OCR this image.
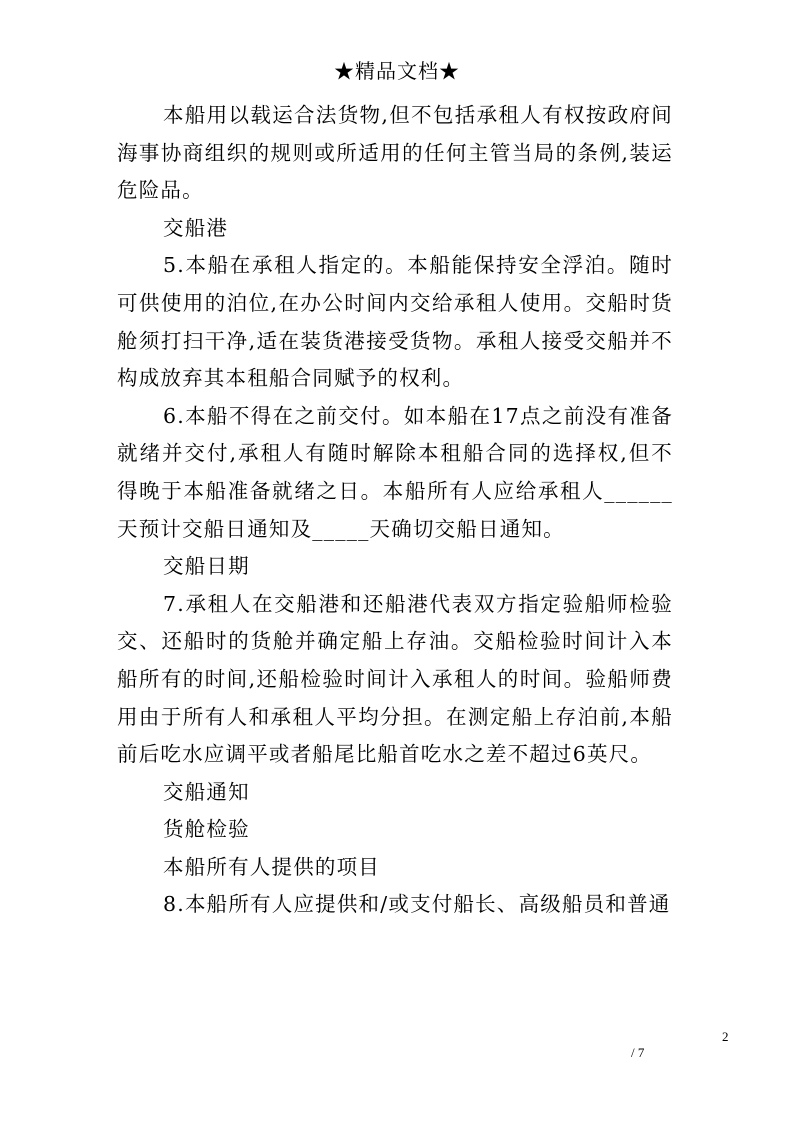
★精品文档★

本船用以载运合法货物,但不包括承租人有权按政府间海事协商组织的规则或所适用的任何主管当局的条例,装运危险品。

交船港

5.本船在承租人指定的。本船能保持安全浮泊。随时可供使用的泊位,在办公时间内交给承租人使用。交船时货舱须打扫干净,适在装货港接受货物。承租人接受交船并不构成放弃其本租船合同赋予的权利。

6.本船不得在之前交付。如本船在17点之前没有准备就绪并交付,承租人有随时解除本租船合同的选择权,但不得晚于本船准备就绪之日。本船所有人应给承租人______天预计交船日通知及_____天确切交船日通知。

交船日期

7.承租人在交船港和还船港代表双方指定验船师检验交、还船时的货舱并确定船上存油。交船检验时间计入本船所有的时间,还船检验时间计入承租人的时间。验船师费用由于所有人和承租人平均分担。在测定船上存泊前,本船前后吃水应调平或者船尾比船首吃水之差不超过6英尺。

交船通知

货舱检验

本船所有人提供的项目

8.本船所有人应提供和/或支付船长、高级船员和普通

2
/ 7
